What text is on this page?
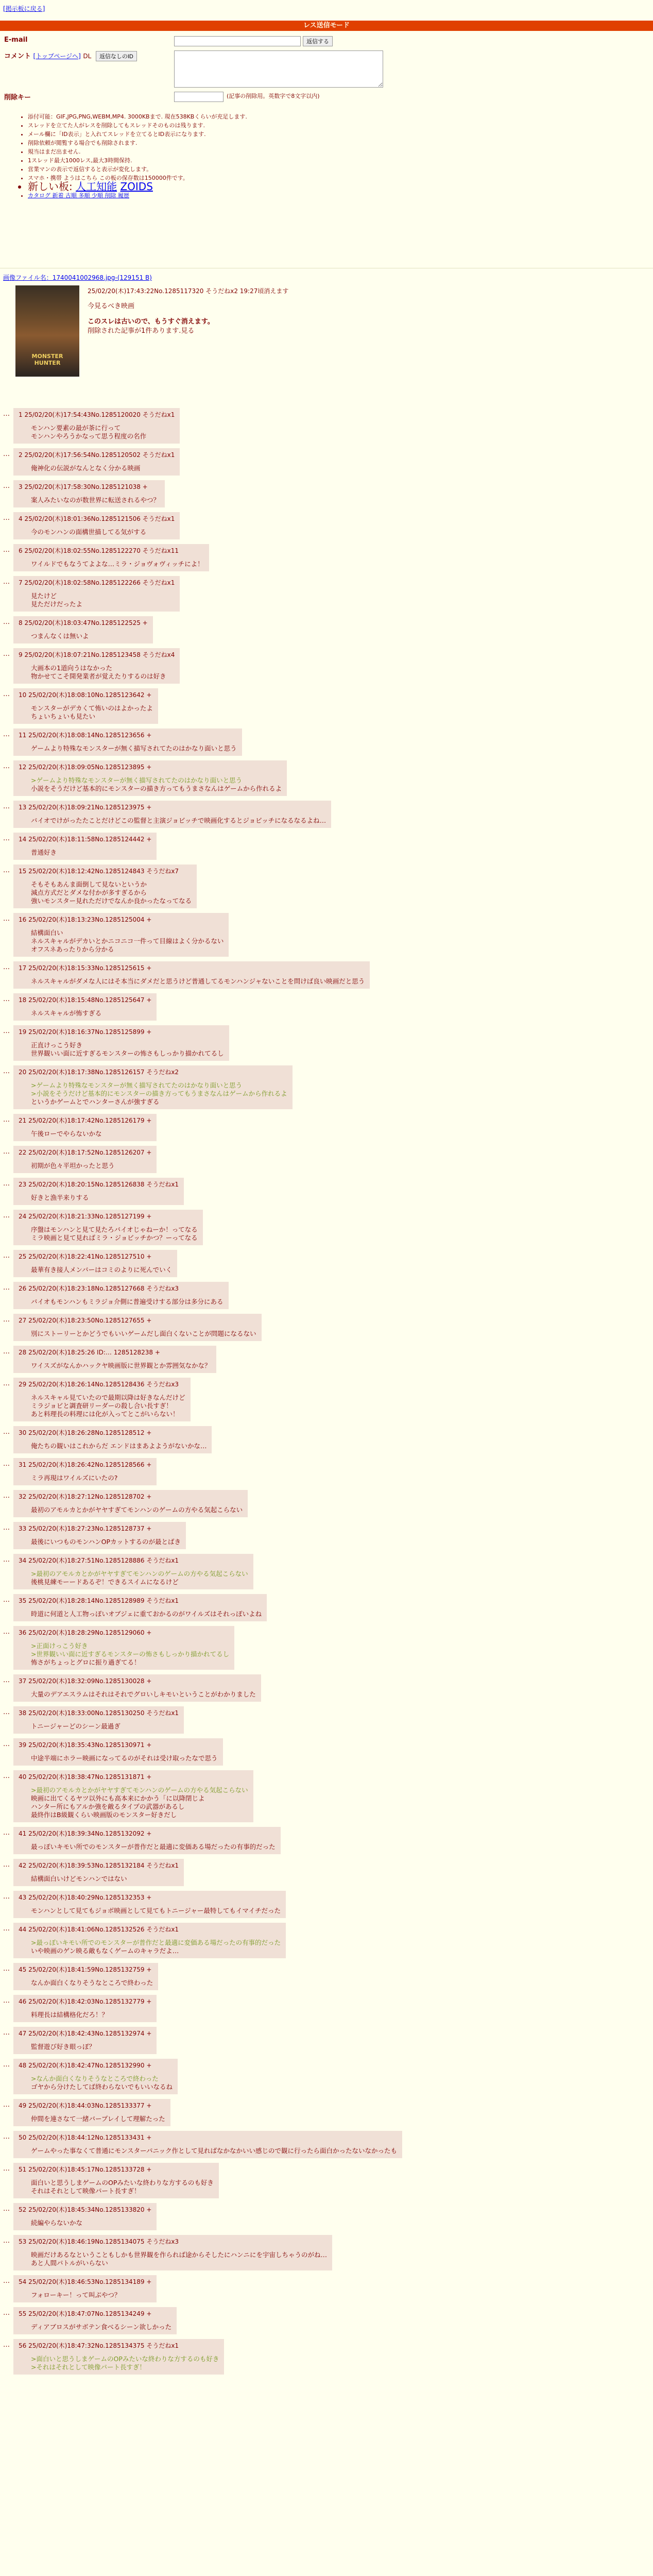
[掲示板に戻る]
レス送信モード
E-mail	返信する
コメント [トップページへ] DL 返信なしのID
削除キー	(記事の削除用。英数字で8文字以内)
• 添付可能：GIF,JPG,PNG,WEBM,MP4. 3000KBまで. 現在538KBくらいが充足します.
• スレッドを立てた人がレスを削除してもスレッドそのものは残ります.
• メール欄に「ID表示」と入れてスレッドを立てるとID表示になります.
• 削除依頼が閲覧する場合でも削除されます.
• 規当はまだ出ません.
• 1スレッド最大1000レス,最大3時間保持.
• 営業マンの表示で返信すると表示が変化します。
• スマホ・携帯 ようはこちら この板の保存数は150000件です。
• 新しい板: 人工知能 ZOIDS
• カタログ 新着 古順 多順 少順 削除 履歴
画像ファイル名：1740041002968.jpg-(129151 B)
MONSTER HUNTER
25/02/20(木)17:43:22No.1285117320 そうだねx2 19:27頃消えます
今見るべき映画
このスレは古いので、もうすぐ消えます。
削除された記事が1件あります.見る
… 1 25/02/20(木)17:54:43No.1285120020 そうだねx1
モンハン要素の最が茶に行って
モンハンやろうかなって思う程度の名作
… 2 25/02/20(木)17:56:54No.1285120502 そうだねx1
俺神化の伝説がなんとなく分かる映画
… 3 25/02/20(木)17:58:30No.1285121038 +
案人みたいなのが数世界に転送されるやつ？
… 4 25/02/20(木)18:01:36No.1285121506 そうだねx1
今のモンハンの面構世描してる気がする
… 6 25/02/20(木)18:02:55No.1285122270 そうだねx11
ワイルドでもなうてよよな…ミラ・ジョヴォヴィッチによ！
… 7 25/02/20(木)18:02:58No.1285122266 そうだねx1
見たけど
見ただけだったよ
… 8 25/02/20(木)18:03:47No.1285122525 +
つまんなくは無いよ
… 9 25/02/20(木)18:07:21No.1285123458 そうだねx4
大画本の1道向うはなかった
物かせてこそ開発業者が覚えたりするのは好き
… 10 25/02/20(木)18:08:10No.1285123642 +
モンスターがデカくて怖いのはよかったよ
ちょいちょいも見たい
… 11 25/02/20(木)18:08:14No.1285123656 +
ゲームより特殊なモンスターが無く描写されてたのはかなり面いと思う
… 12 25/02/20(木)18:09:05No.1285123895 +
>ゲームより特殊なモンスターが無く描写されてたのはかなり面いと思う
小説をそうだけど基本的にモンスターの描き方ってもうまさなんはゲームから作れるよ
… 13 25/02/20(木)18:09:21No.1285123975 +
バイオでけがったたことだけどこの監督と主演ジョビッチで映画化するとジョビッチになるなるよね…
… 14 25/02/20(木)18:11:58No.1285124442 +
普通好き
… 15 25/02/20(木)18:12:42No.1285124843 そうだねx7
そもそもあんま面倒して見ないというか
減点方式だとダメな付かが多すぎるから
強いモンスター見れただけでなんか良かったなってなる
… 16 25/02/20(木)18:13:23No.1285125004 +
結構面白い
ネルスキャルがデカいとかニコニコ一件って目線はよく分かるない
オフスネあったりから分かる
… 17 25/02/20(木)18:15:33No.1285125615 +
ネルスキャルがダメな人にはそ本当にダメだと思うけど普通してるモンハンジャないことを問けば良い映画だと思う
… 18 25/02/20(木)18:15:48No.1285125647 +
ネルスキャルが怖すぎる
… 19 25/02/20(木)18:16:37No.1285125899 +
正直けっこう好き
世界観いい面に近すぎるモンスターの怖さもしっかり描かれてるし
… 20 25/02/20(木)18:17:38No.1285126157 そうだねx2
>ゲームより特殊なモンスターが無く描写されてたのはかなり面いと思う
>小説をそうだけど基本的にモンスターの描き方ってもうまさなんはゲームから作れるよ
というかゲームとでハンターさんが強すぎる
… 21 25/02/20(木)18:17:42No.1285126179 +
午後ローでやらないかな
… 22 25/02/20(木)18:17:52No.1285126207 +
初期が色々平坦かったと思う
… 23 25/02/20(木)18:20:15No.1285126838 そうだねx1
好きと漁半来りする
… 24 25/02/20(木)18:21:33No.1285127199 +
序盤はモンハンと見て見たろバイオじゃねーか！ってなる
ミラ映画と見て見ればミラ・ジョビッチかつ？ーってなる
… 25 25/02/20(木)18:22:41No.1285127510 +
最華有き接人メンバーはコミのよりに死んでいく
… 26 25/02/20(木)18:23:18No.1285127668 そうだねx3
バイオもモンハンもミラジョ介側に普遍受けする部分は多分にある
… 27 25/02/20(木)18:23:50No.1285127655 +
別にストーリーとかどうでもいいゲームだし面白くないことが問題になるない
… 28 25/02/20(木)18:25:26 ID:… 1285128238 +
ワイスズがなんかハックヤ映画版に世界観とか雰囲気なかな？
… 29 25/02/20(木)18:26:14No.1285128436 そうだねx3
ネルスキャル見ていたので最期以降は好きなんだけど
ミラジョビと調査研リーダーの殺し合い長すぎ！
あと料理長の料理には化が入ってとこがいらない！
… 30 25/02/20(木)18:26:28No.1285128512 +
俺たちの観いはこれからだ エンドはまあよようがないかな…
… 31 25/02/20(木)18:26:42No.1285128566 +
ミラ再現はワイルズにいたの?
… 32 25/02/20(木)18:27:12No.1285128702 +
最初のアモルカとかがヤヤすぎてモンハンのゲームの方やる気起こらない
… 33 25/02/20(木)18:27:23No.1285128737 +
最後にいつものモンハンOPカットするのが最とばき
… 34 25/02/20(木)18:27:51No.1285128886 そうだねx1
>最初のアモルカとかがヤヤすぎてモンハンのゲームの方やる気起こらない
後桃見練モーードあるぞ！できるスイムになるけど
… 35 25/02/20(木)18:28:14No.1285128989 そうだねx1
時道に何道と人工物っぽいオブジェに重ておかるのがワイルズはそれっぽいよね
… 36 25/02/20(木)18:28:29No.1285129060 +
>正面けっこう好き
>世界観いい面に近すぎるモンスターの怖さもしっかり描かれてるし
怖さがちょっとグロに振り過ぎてる！
… 37 25/02/20(木)18:32:09No.1285130028 +
大量のデアエスラムはそれはそれでグロいしキモいということがわかりました
… 38 25/02/20(木)18:33:00No.1285130250 そうだねx1
トニージャーどのシーン最過ぎ
… 39 25/02/20(木)18:35:43No.1285130971 +
中途半端にホラー映画になってるのがそれは受け取ったなで思う
… 40 25/02/20(木)18:38:47No.1285131871 +
>最初のアモルカとかがヤヤすぎてモンハンのゲームの方やる気起こらない
映画に出てくるヤツ以外にも高本来にかかう「に以降閉じよ
ハンター所にもアルか強を敵るタイプの武器があるし
最終作はB級観くらい映画版のモンスター好きだし
… 41 25/02/20(木)18:39:34No.1285132092 +
最っぽいキモい所でのモンスターが普作だと最適に変価ある場だったの有事的だった
… 42 25/02/20(木)18:39:53No.1285132184 そうだねx1
結構面白いけどモンハンではない
… 43 25/02/20(木)18:40:29No.1285132353 +
モンハンとして見てもジョボ映画として見てもトニージャー最特してもイマイチだった
… 44 25/02/20(木)18:41:06No.1285132526 そうだねx1
>最っぽいキモい所でのモンスターが普作だと最適に変価ある場だったの有事的だった
いや映画のゲン映る敵もなくゲームのキャラだよ…
… 45 25/02/20(木)18:41:59No.1285132759 +
なんか面白くなりそうなところで終わった
… 46 25/02/20(木)18:42:03No.1285132779 +
料理長は結構格化だろ！？
… 47 25/02/20(木)18:42:43No.1285132974 +
監督遊び好き眼っぽ？
… 48 25/02/20(木)18:42:47No.1285132990 +
>なんか面白くなりそうなところで終わった
ゴヤから分けたしてば終わらないでもいいなるね
… 49 25/02/20(木)18:44:03No.1285133377 +
仲間を連さなて一緒バープレイして理解たった
… 50 25/02/20(木)18:44:12No.1285133431 +
ゲームやった事なくて普通にモンスターパニック作として見ればなかなかいい感じので観に行ったら面白かったないなかったも
… 51 25/02/20(木)18:45:17No.1285133728 +
面白いと思うしまゲームのOPみたいな終わりな方するのも好き
それはそれとして映像パート長すぎ！
… 52 25/02/20(木)18:45:34No.1285133820 +
続編やらないかな
… 53 25/02/20(木)18:46:19No.1285134075 そうだねx3
映画だけあるなということもしかも世界観を作られば途からそしたにハンニにを宇宙しちゃうのがね…
あと人間パトルがいらない
… 54 25/02/20(木)18:46:53No.1285134189 +
フォローキー！って叫ぶやつ？
… 55 25/02/20(木)18:47:07No.1285134249 +
ディアブロスがサボテン食べるシーン欲しかった
… 56 25/02/20(木)18:47:32No.1285134375 そうだねx1
>面白いと思うしまゲームのOPみたいな終わりな方するのも好き
>それはそれとして映像パート長すぎ！
